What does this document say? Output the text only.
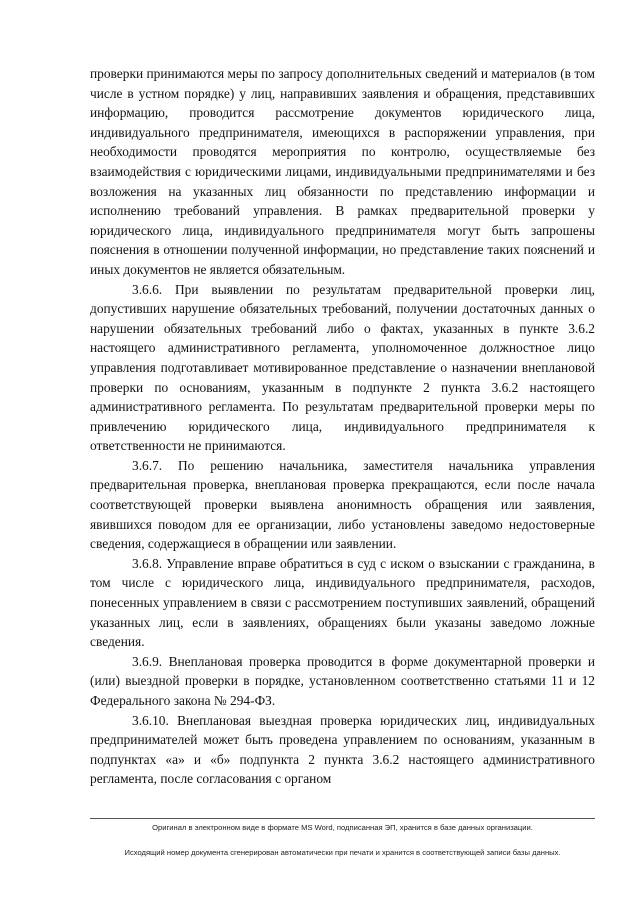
проверки принимаются меры по запросу дополнительных сведений и материалов (в том числе в устном порядке) у лиц, направивших заявления и обращения, представивших информацию, проводится рассмотрение документов юридического лица, индивидуального предпринимателя, имеющихся в распоряжении управления, при необходимости проводятся мероприятия по контролю, осуществляемые без взаимодействия с юридическими лицами, индивидуальными предпринимателями и без возложения на указанных лиц обязанности по представлению информации и исполнению требований управления. В рамках предварительной проверки у юридического лица, индивидуального предпринимателя могут быть запрошены пояснения в отношении полученной информации, но представление таких пояснений и иных документов не является обязательным.

3.6.6. При выявлении по результатам предварительной проверки лиц, допустивших нарушение обязательных требований, получении достаточных данных о нарушении обязательных требований либо о фактах, указанных в пункте 3.6.2 настоящего административного регламента, уполномоченное должностное лицо управления подготавливает мотивированное представление о назначении внеплановой проверки по основаниям, указанным в подпункте 2 пункта 3.6.2 настоящего административного регламента. По результатам предварительной проверки меры по привлечению юридического лица, индивидуального предпринимателя к ответственности не принимаются.

3.6.7. По решению начальника, заместителя начальника управления предварительная проверка, внеплановая проверка прекращаются, если после начала соответствующей проверки выявлена анонимность обращения или заявления, явившихся поводом для ее организации, либо установлены заведомо недостоверные сведения, содержащиеся в обращении или заявлении.

3.6.8. Управление вправе обратиться в суд с иском о взыскании с гражданина, в том числе с юридического лица, индивидуального предпринимателя, расходов, понесенных управлением в связи с рассмотрением поступивших заявлений, обращений указанных лиц, если в заявлениях, обращениях были указаны заведомо ложные сведения.

3.6.9. Внеплановая проверка проводится в форме документарной проверки и (или) выездной проверки в порядке, установленном соответственно статьями 11 и 12 Федерального закона № 294-ФЗ.

3.6.10. Внеплановая выездная проверка юридических лиц, индивидуальных предпринимателей может быть проведена управлением по основаниям, указанным в подпунктах «а» и «б» подпункта 2 пункта 3.6.2 настоящего административного регламента, после согласования с органом

Оригинал в электронном виде в формате MS Word, подписанная ЭП, хранится в базе данных организации.
Исходящий номер документа сгенерирован автоматически при печати и хранится в соответствующей записи базы данных.
